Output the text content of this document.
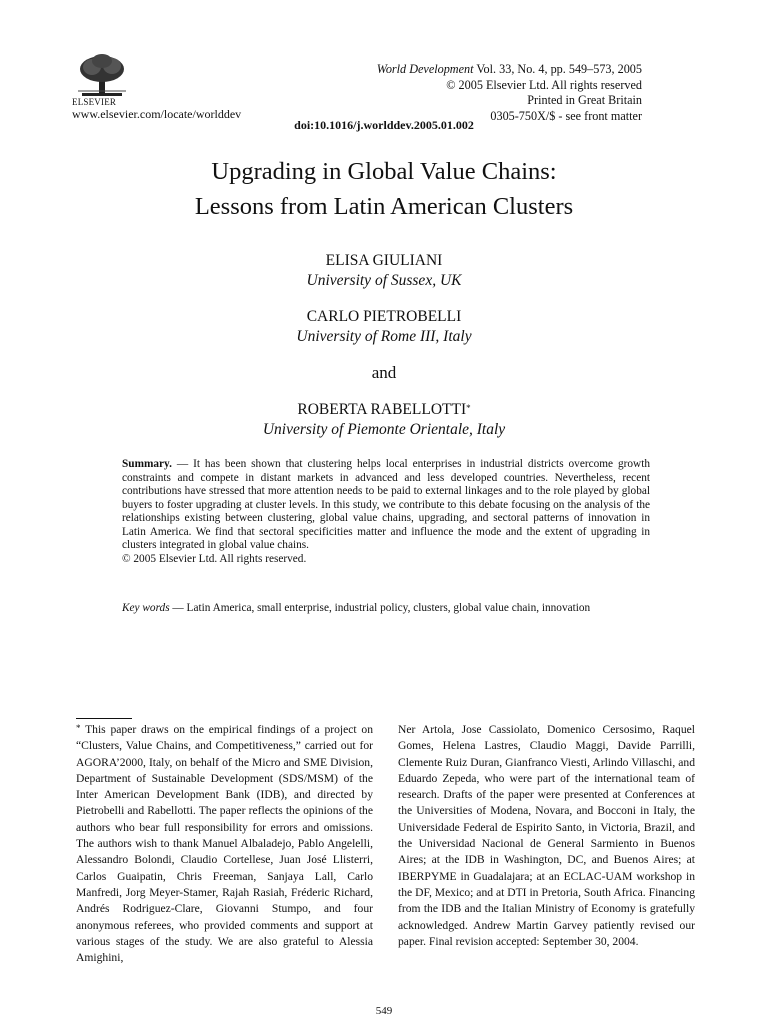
ELSEVIER
www.elsevier.com/locate/worlddev
World Development Vol. 33, No. 4, pp. 549–573, 2005
© 2005 Elsevier Ltd. All rights reserved
Printed in Great Britain
0305-750X/$ - see front matter
doi:10.1016/j.worlddev.2005.01.002
Upgrading in Global Value Chains:
Lessons from Latin American Clusters
ELISA GIULIANI
University of Sussex, UK
CARLO PIETROBELLI
University of Rome III, Italy
and
ROBERTA RABELLOTTI*
University of Piemonte Orientale, Italy
Summary. — It has been shown that clustering helps local enterprises in industrial districts overcome growth constraints and compete in distant markets in advanced and less developed countries. Nevertheless, recent contributions have stressed that more attention needs to be paid to external linkages and to the role played by global buyers to foster upgrading at cluster levels. In this study, we contribute to this debate focusing on the analysis of the relationships existing between clustering, global value chains, upgrading, and sectoral patterns of innovation in Latin America. We find that sectoral specificities matter and influence the mode and the extent of upgrading in clusters integrated in global value chains.
© 2005 Elsevier Ltd. All rights reserved.
Key words — Latin America, small enterprise, industrial policy, clusters, global value chain, innovation
* This paper draws on the empirical findings of a project on “Clusters, Value Chains, and Competitiveness,” carried out for AGORA’2000, Italy, on behalf of the Micro and SME Division, Department of Sustainable Development (SDS/MSM) of the Inter American Development Bank (IDB), and directed by Pietrobelli and Rabellotti. The paper reflects the opinions of the authors who bear full responsibility for errors and omissions. The authors wish to thank Manuel Albaladejo, Pablo Angelelli, Alessandro Bolondi, Claudio Cortellese, Juan José Llisterri, Carlos Guaipatin, Chris Freeman, Sanjaya Lall, Carlo Manfredi, Jorg Meyer-Stamer, Rajah Rasiah, Fréderic Richard, Andrés Rodriguez-Clare, Giovanni Stumpo, and four anonymous referees, who provided comments and support at various stages of the study. We are also grateful to Alessia Amighini,
Ner Artola, Jose Cassiolato, Domenico Cersosimo, Raquel Gomes, Helena Lastres, Claudio Maggi, Davide Parrilli, Clemente Ruiz Duran, Gianfranco Viesti, Arlindo Villaschi, and Eduardo Zepeda, who were part of the international team of research. Drafts of the paper were presented at Conferences at the Universities of Modena, Novara, and Bocconi in Italy, the Universidade Federal de Espirito Santo, in Victoria, Brazil, and the Universidad Nacional de General Sarmiento in Buenos Aires; at the IDB in Washington, DC, and Buenos Aires; at IBERPYME in Guadalajara; at an ECLAC-UAM workshop in the DF, Mexico; and at DTI in Pretoria, South Africa. Financing from the IDB and the Italian Ministry of Economy is gratefully acknowledged. Andrew Martin Garvey patiently revised our paper. Final revision accepted: September 30, 2004.
549
